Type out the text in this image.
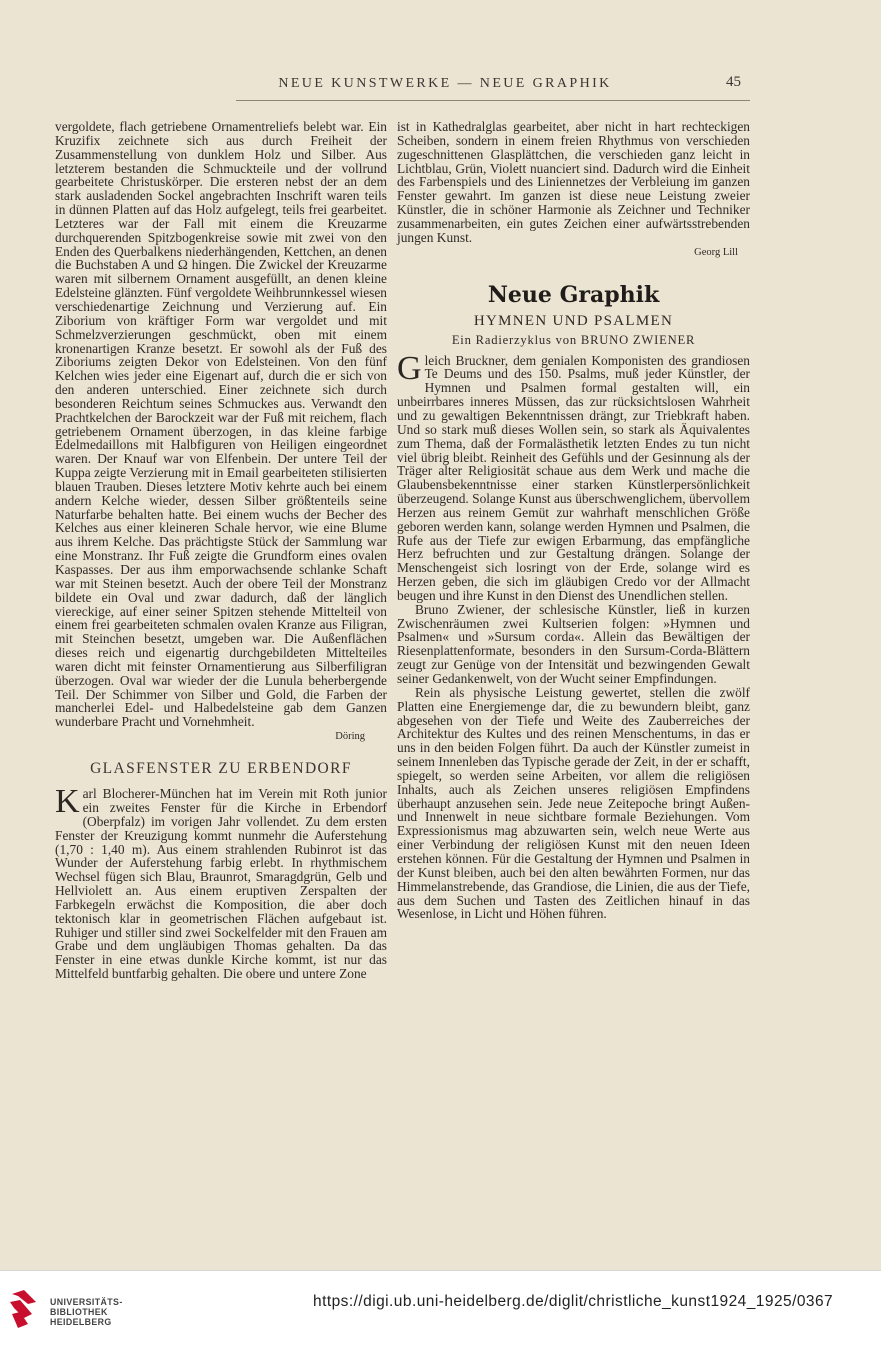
NEUE KUNSTWERKE — NEUE GRAPHIK	45

vergoldete, flach getriebene Ornamentreliefs belebt war. Ein Kruzifix zeichnete sich aus durch Freiheit der Zusammenstellung von dunklem Holz und Silber. Aus letzterem bestanden die Schmuckteile und der vollrund gearbeitete Christuskörper. Die ersteren nebst der an dem stark ausladenden Sockel angebrachten Inschrift waren teils in dünnen Platten auf das Holz aufgelegt, teils frei gearbeitet. Letzteres war der Fall mit einem die Kreuzarme durchquerenden Spitzbogenkreise sowie mit zwei von den Enden des Querbalkens niederhängenden, Kettchen, an denen die Buchstaben A und Ω hingen. Die Zwickel der Kreuzarme waren mit silbernem Ornament ausgefüllt, an denen kleine Edelsteine glänzten. Fünf vergoldete Weihbrunnkessel wiesen verschiedenartige Zeichnung und Verzierung auf. Ein Ziborium von kräftiger Form war vergoldet und mit Schmelzverzierungen geschmückt, oben mit einem kronenartigen Kranze besetzt. Er sowohl als der Fuß des Ziboriums zeigten Dekor von Edelsteinen. Von den fünf Kelchen wies jeder eine Eigenart auf, durch die er sich von den anderen unterschied. Einer zeichnete sich durch besonderen Reichtum seines Schmuckes aus. Verwandt den Prachtkelchen der Barockzeit war der Fuß mit reichem, flach getriebenem Ornament überzogen, in das kleine farbige Edelmedaillons mit Halbfiguren von Heiligen eingeordnet waren. Der Knauf war von Elfenbein. Der untere Teil der Kuppa zeigte Verzierung mit in Email gearbeiteten stilisierten blauen Trauben. Dieses letztere Motiv kehrte auch bei einem andern Kelche wieder, dessen Silber größtenteils seine Naturfarbe behalten hatte. Bei einem wuchs der Becher des Kelches aus einer kleineren Schale hervor, wie eine Blume aus ihrem Kelche. Das prächtigste Stück der Sammlung war eine Monstranz. Ihr Fuß zeigte die Grundform eines ovalen Kaspasses. Der aus ihm emporwachsende schlanke Schaft war mit Steinen besetzt. Auch der obere Teil der Monstranz bildete ein Oval und zwar dadurch, daß der länglich viereckige, auf einer seiner Spitzen stehende Mittelteil von einem frei gearbeiteten schmalen ovalen Kranze aus Filigran, mit Steinchen besetzt, umgeben war. Die Außenflächen dieses reich und eigenartig durchgebildeten Mittelteiles waren dicht mit feinster Ornamentierung aus Silberfiligran überzogen. Oval war wieder der die Lunula beherbergende Teil. Der Schimmer von Silber und Gold, die Farben der mancherlei Edel- und Halbedelsteine gab dem Ganzen wunderbare Pracht und Vornehmheit.

Döring
GLASFENSTER ZU ERBENDORF

Karl Blocherer-München hat im Verein mit Roth junior ein zweites Fenster für die Kirche in Erbendorf (Oberpfalz) im vorigen Jahr vollendet. Zu dem ersten Fenster der Kreuzigung kommt nunmehr die Auferstehung (1,70 : 1,40 m). Aus einem strahlenden Rubinrot ist das Wunder der Auferstehung farbig erlebt. In rhythmischem Wechsel fügen sich Blau, Braunrot, Smaragdgrün, Gelb und Hellviolett an. Aus einem eruptiven Zerspalten der Farbkegeln erwächst die Komposition, die aber doch tektonisch klar in geometrischen Flächen aufgebaut ist. Ruhiger und stiller sind zwei Sockelfelder mit den Frauen am Grabe und dem ungläubigen Thomas gehalten. Da das Fenster in eine etwas dunkle Kirche kommt, ist nur das Mittelfeld buntfarbig gehalten. Die obere und untere Zone

ist in Kathedralglas gearbeitet, aber nicht in hart rechteckigen Scheiben, sondern in einem freien Rhythmus von verschieden zugeschnittenen Glasplättchen, die verschieden ganz leicht in Lichtblau, Grün, Violett nuanciert sind. Dadurch wird die Einheit des Farbenspiels und des Liniennetzes der Verbleiung im ganzen Fenster gewahrt. Im ganzen ist diese neue Leistung zweier Künstler, die in schöner Harmonie als Zeichner und Techniker zusammenarbeiten, ein gutes Zeichen einer aufwärtsstrebenden jungen Kunst.

Georg Lill
Neue Graphik
HYMNEN UND PSALMEN
Ein Radierzyklus von BRUNO ZWIENER

Gleich Bruckner, dem genialen Komponisten des grandiosen Te Deums und des 150. Psalms, muß jeder Künstler, der Hymnen und Psalmen formal gestalten will, ein unbeirrbares inneres Müssen, das zur rücksichtslosen Wahrheit und zu gewaltigen Bekenntnissen drängt, zur Triebkraft haben. Und so stark muß dieses Wollen sein, so stark als Äquivalentes zum Thema, daß der Formalästhetik letzten Endes zu tun nicht viel übrig bleibt. Reinheit des Gefühls und der Gesinnung als der Träger alter Religiosität schaue aus dem Werk und mache die Glaubensbekenntnisse einer starken Künstlerpersönlichkeit überzeugend. Solange Kunst aus überschwenglichem, übervollem Herzen aus reinem Gemüt zur wahrhaft menschlichen Größe geboren werden kann, solange werden Hymnen und Psalmen, die Rufe aus der Tiefe zur ewigen Erbarmung, das empfängliche Herz befruchten und zur Gestaltung drängen. Solange der Menschengeist sich losringt von der Erde, solange wird es Herzen geben, die sich im gläubigen Credo vor der Allmacht beugen und ihre Kunst in den Dienst des Unendlichen stellen.

Bruno Zwiener, der schlesische Künstler, ließ in kurzen Zwischenräumen zwei Kultserien folgen: »Hymnen und Psalmen« und »Sursum corda«. Allein das Bewältigen der Riesenplattenformate, besonders in den Sursum-Corda-Blättern zeugt zur Genüge von der Intensität und bezwingenden Gewalt seiner Gedankenwelt, von der Wucht seiner Empfindungen.

Rein als physische Leistung gewertet, stellen die zwölf Platten eine Energiemenge dar, die zu bewundern bleibt, ganz abgesehen von der Tiefe und Weite des Zauberreiches der Architektur des Kultes und des reinen Menschentums, in das er uns in den beiden Folgen führt. Da auch der Künstler zumeist in seinem Innenleben das Typische gerade der Zeit, in der er schafft, spiegelt, so werden seine Arbeiten, vor allem die religiösen Inhalts, auch als Zeichen unseres religiösen Empfindens überhaupt anzusehen sein. Jede neue Zeitepoche bringt Außen- und Innenwelt in neue sichtbare formale Beziehungen. Vom Expressionismus mag abzuwarten sein, welch neue Werte aus einer Verbindung der religiösen Kunst mit den neuen Ideen erstehen können. Für die Gestaltung der Hymnen und Psalmen in der Kunst bleiben, auch bei den alten bewährten Formen, nur das Himmelanstrebende, das Grandiose, die Linien, die aus der Tiefe, aus dem Suchen und Tasten des Zeitlichen hinauf in das Wesenlose, in Licht und Höhen führen.

UNIVERSITÄTS-
BIBLIOTHEK
HEIDELBERG
https://digi.ub.uni-heidelberg.de/diglit/christliche_kunst1924_1925/0367
